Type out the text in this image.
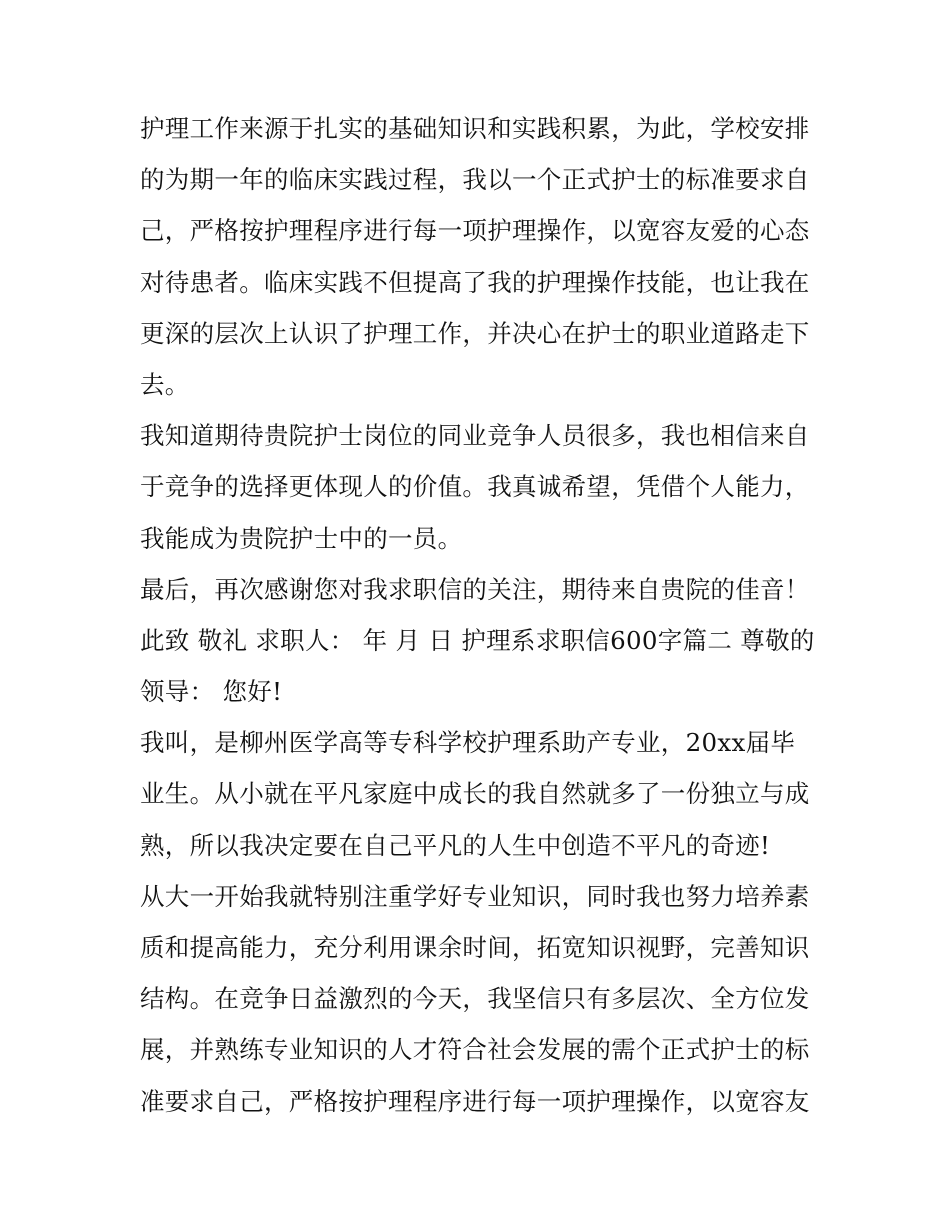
护理工作来源于扎实的基础知识和实践积累，为此，学校安排
的为期一年的临床实践过程，我以一个正式护士的标准要求自
己，严格按护理程序进行每一项护理操作，以宽容友爱的心态
对待患者。临床实践不但提高了我的护理操作技能，也让我在
更深的层次上认识了护理工作，并决心在护士的职业道路走下
去。
我知道期待贵院护士岗位的同业竞争人员很多，我也相信来自
于竞争的选择更体现人的价值。我真诚希望，凭借个人能力，
我能成为贵院护士中的一员。
最后，再次感谢您对我求职信的关注，期待来自贵院的佳音！
此致 敬礼 求职人： 年 月 日 护理系求职信600字篇二 尊敬的
领导： 您好!
我叫，是柳州医学高等专科学校护理系助产专业，20xx届毕
业生。从小就在平凡家庭中成长的我自然就多了一份独立与成
熟，所以我决定要在自己平凡的人生中创造不平凡的奇迹!
从大一开始我就特别注重学好专业知识，同时我也努力培养素
质和提高能力，充分利用课余时间，拓宽知识视野，完善知识
结构。在竞争日益激烈的今天，我坚信只有多层次、全方位发
展，并熟练专业知识的人才符合社会发展的需个正式护士的标
准要求自己，严格按护理程序进行每一项护理操作，以宽容友
